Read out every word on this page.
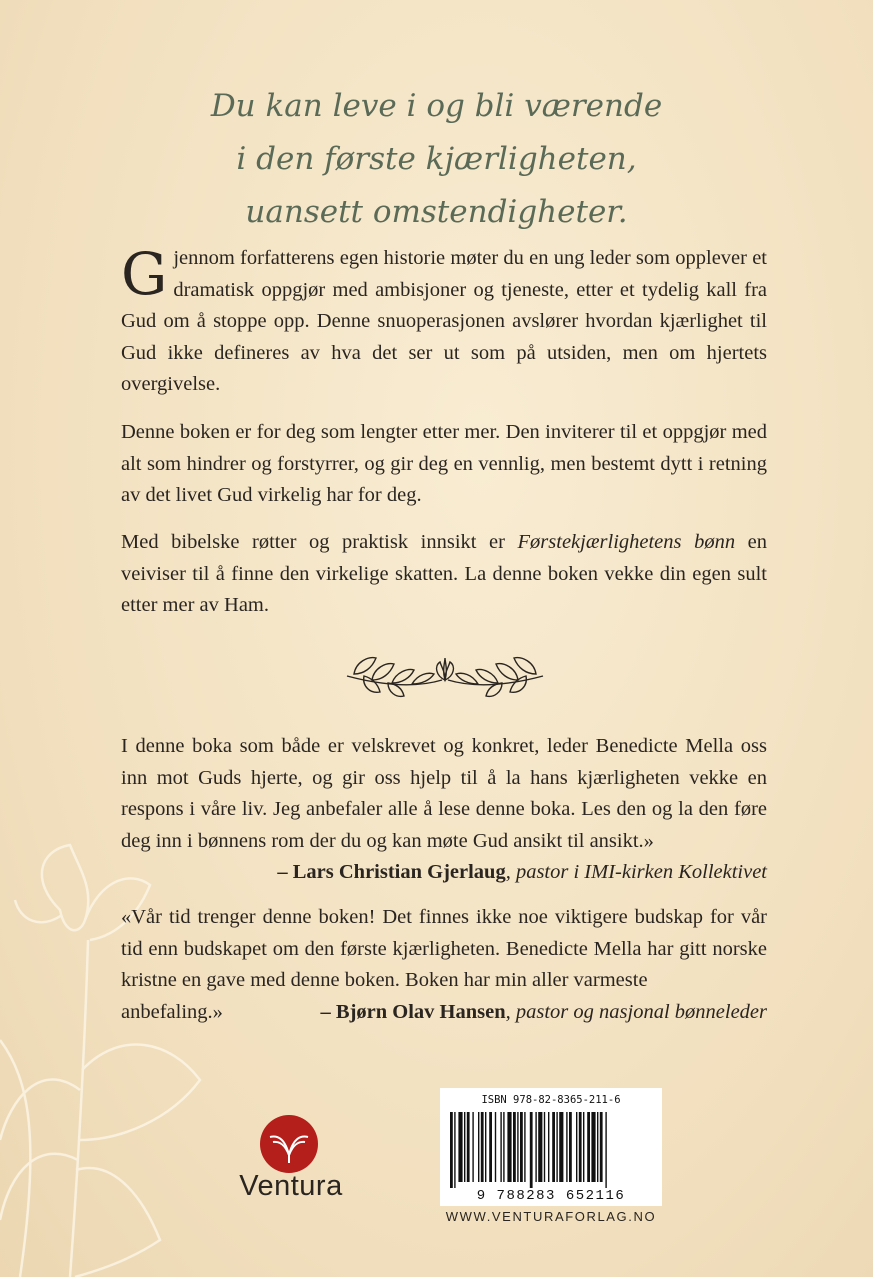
Du kan leve i og bli værende
i den første kjærligheten,
uansett omstendigheter.

Gjennom forfatterens egen historie møter du en ung leder som opplever et dramatisk oppgjør med ambisjoner og tjeneste, etter et tydelig kall fra Gud om å stoppe opp. Denne snuoperasjonen avslører hvordan kjærlighet til Gud ikke defineres av hva det ser ut som på utsiden, men om hjertets overgivelse.

Denne boken er for deg som lengter etter mer. Den inviterer til et oppgjør med alt som hindrer og forstyrrer, og gir deg en vennlig, men bestemt dytt i retning av det livet Gud virkelig har for deg.

Med bibelske røtter og praktisk innsikt er Førstekjærlighetens bønn en veiviser til å finne den virkelige skatten. La denne boken vekke din egen sult etter mer av Ham.

I denne boka som både er velskrevet og konkret, leder Benedicte Mella oss inn mot Guds hjerte, og gir oss hjelp til å la hans kjærligheten vekke en respons i våre liv. Jeg anbefaler alle å lese denne boka. Les den og la den føre deg inn i bønnens rom der du og kan møte Gud ansikt til ansikt.»

– Lars Christian Gjerlaug, pastor i IMI-kirken Kollektivet

«Vår tid trenger denne boken! Det finnes ikke noe viktigere budskap for vår tid enn budskapet om den første kjærligheten. Benedicte Mella har gitt norske kristne en gave med denne boken. Boken har min aller varmeste

anbefaling.»	– Bjørn Olav Hansen, pastor og nasjonal bønneleder
Ventura
ISBN 978-82-8365-211-6
9 788283 652116
WWW.VENTURAFORLAG.NO
